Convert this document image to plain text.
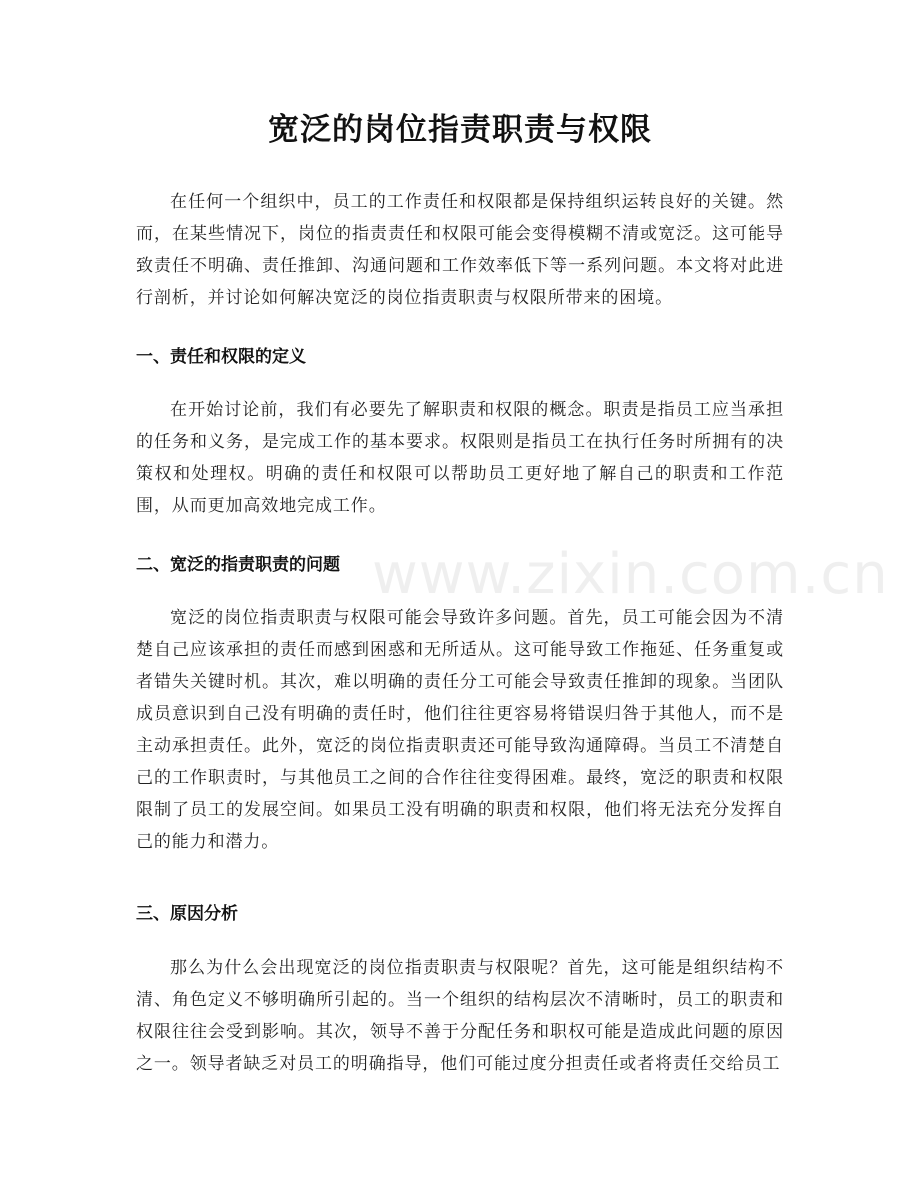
宽泛的岗位指责职责与权限

在任何一个组织中，员工的工作责任和权限都是保持组织运转良好的关键。然而，在某些情况下，岗位的指责责任和权限可能会变得模糊不清或宽泛。这可能导致责任不明确、责任推卸、沟通问题和工作效率低下等一系列问题。本文将对此进行剖析，并讨论如何解决宽泛的岗位指责职责与权限所带来的困境。

一、责任和权限的定义

在开始讨论前，我们有必要先了解职责和权限的概念。职责是指员工应当承担的任务和义务，是完成工作的基本要求。权限则是指员工在执行任务时所拥有的决策权和处理权。明确的责任和权限可以帮助员工更好地了解自己的职责和工作范围，从而更加高效地完成工作。

二、宽泛的指责职责的问题

宽泛的岗位指责职责与权限可能会导致许多问题。首先，员工可能会因为不清楚自己应该承担的责任而感到困惑和无所适从。这可能导致工作拖延、任务重复或者错失关键时机。其次，难以明确的责任分工可能会导致责任推卸的现象。当团队成员意识到自己没有明确的责任时，他们往往更容易将错误归咎于其他人，而不是主动承担责任。此外，宽泛的岗位指责职责还可能导致沟通障碍。当员工不清楚自己的工作职责时，与其他员工之间的合作往往变得困难。最终，宽泛的职责和权限限制了员工的发展空间。如果员工没有明确的职责和权限，他们将无法充分发挥自己的能力和潜力。

三、原因分析

那么为什么会出现宽泛的岗位指责职责与权限呢？首先，这可能是组织结构不清、角色定义不够明确所引起的。当一个组织的结构层次不清晰时，员工的职责和权限往往会受到影响。其次，领导不善于分配任务和职权可能是造成此问题的原因之一。领导者缺乏对员工的明确指导，他们可能过度分担责任或者将责任交给员工

www.zixin.com.cn
